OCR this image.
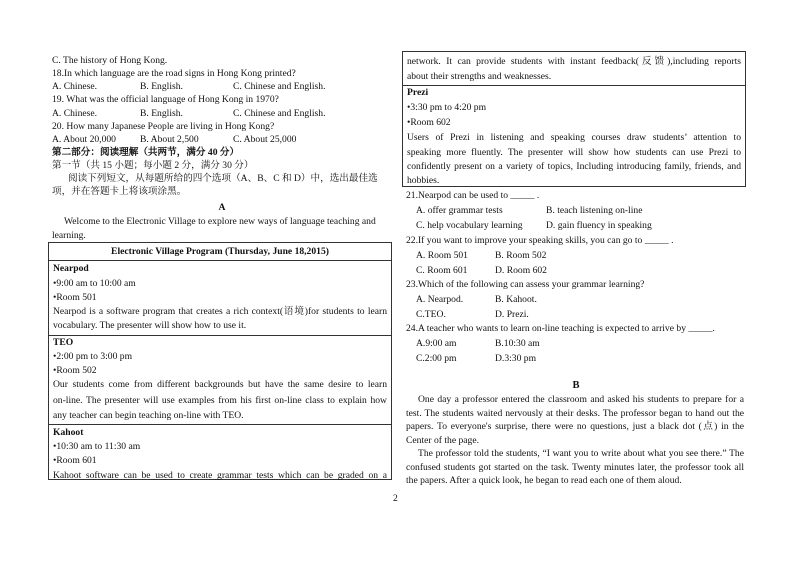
C. The history of Hong Kong.
18.In which language are the road signs in Hong Kong printed?
A. Chinese.	B. English.	C. Chinese and English.
19. What was the official language of Hong Kong in 1970?
A. Chinese.	B. English.	C. Chinese and English.
20. How many Japanese People are living in Hong Kong?
A. About 20,000	B. About 2,500	C. About 25,000
第二部分：阅读理解（共两节，满分 40 分）
第一节（共 15 小题；每小题 2 分，满分 30 分）
阅读下列短文，从每题所给的四个选项（A、B、C 和 D）中，选出最佳选
项，并在答题卡上将该项涂黑。
A
Welcome to the Electronic Village to explore new ways of language teaching and
learning.
Electronic Village Program (Thursday, June 18,2015)
Nearpod
•9:00 am to 10:00 am
•Room 501
Nearpod is a software program that creates a rich context(语境)for students to learn
vocabulary. The presenter will show how to use it.
TEO
•2:00 pm to 3:00 pm
•Room 502
Our students come from different backgrounds but have the same desire to learn
on-line. The presenter will use examples from his first on-line class to explain how
any teacher can begin teaching on-line with TEO.
Kahoot
•10:30 am to 11:30 am
•Room 601
Kahoot software can be used to create grammar tests which can be graded on a
network. It can provide students with instant feedback(反馈),including reports
about their strengths and weaknesses.
Prezi
•3:30 pm to 4:20 pm
•Room 602
Users of Prezi in listening and speaking courses draw students’ attention to
speaking more fluently. The presenter will show how students can use Prezi to
confidently present on a variety of topics, Including introducing family, friends, and
hobbies.
21.Nearpod can be used to _____ .
A. offer grammar tests	B. teach listening on-line
C. help vocabulary learning D. gain fluency in speaking
22.If you want to improve your speaking skills, you can go to _____ .
A. Room 501	B. Room 502
C. Room 601	D. Room 602
23.Which of the following can assess your grammar learning?
A. Nearpod.	B. Kahoot.
C.TEO.	D. Prezi.
24.A teacher who wants to learn on-line teaching is expected to arrive by _____.
A.9:00 am	B.10:30 am
C.2:00 pm	D.3:30 pm
B
One day a professor entered the classroom and asked his students to prepare for a test. The students waited nervously at their desks. The professor began to hand out the papers. To everyone's surprise, there were no questions, just a black dot (点) in the Center of the page.
The professor told the students, “I want you to write about what you see there.” The confused students got started on the task. Twenty minutes later, the professor took all the papers. After a quick look, he began to read each one of them aloud.
2
